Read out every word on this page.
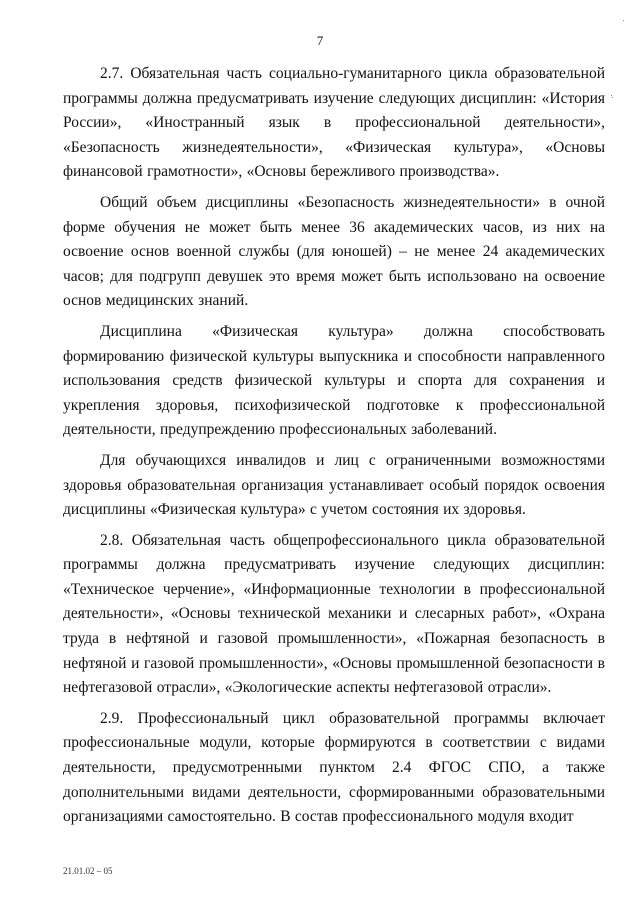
7

2.7. Обязательная часть социально-гуманитарного цикла образовательной программы должна предусматривать изучение следующих дисциплин: «История России», «Иностранный язык в профессиональной деятельности», «Безопасность жизнедеятельности», «Физическая культура», «Основы финансовой грамотности», «Основы бережливого производства».

Общий объем дисциплины «Безопасность жизнедеятельности» в очной форме обучения не может быть менее 36 академических часов, из них на освоение основ военной службы (для юношей) – не менее 24 академических часов; для подгрупп девушек это время может быть использовано на освоение основ медицинских знаний.

Дисциплина «Физическая культура» должна способствовать формированию физической культуры выпускника и способности направленного использования средств физической культуры и спорта для сохранения и укрепления здоровья, психофизической подготовке к профессиональной деятельности, предупреждению профессиональных заболеваний.

Для обучающихся инвалидов и лиц с ограниченными возможностями здоровья образовательная организация устанавливает особый порядок освоения дисциплины «Физическая культура» с учетом состояния их здоровья.

2.8. Обязательная часть общепрофессионального цикла образовательной программы должна предусматривать изучение следующих дисциплин: «Техническое черчение», «Информационные технологии в профессиональной деятельности», «Основы технической механики и слесарных работ», «Охрана труда в нефтяной и газовой промышленности», «Пожарная безопасность в нефтяной и газовой промышленности», «Основы промышленной безопасности в нефтегазовой отрасли», «Экологические аспекты нефтегазовой отрасли».

2.9. Профессиональный цикл образовательной программы включает профессиональные модули, которые формируются в соответствии с видами деятельности, предусмотренными пунктом 2.4 ФГОС СПО, а также дополнительными видами деятельности, сформированными образовательными организациями самостоятельно. В состав профессионального модуля входит

21.01.02 – 05
